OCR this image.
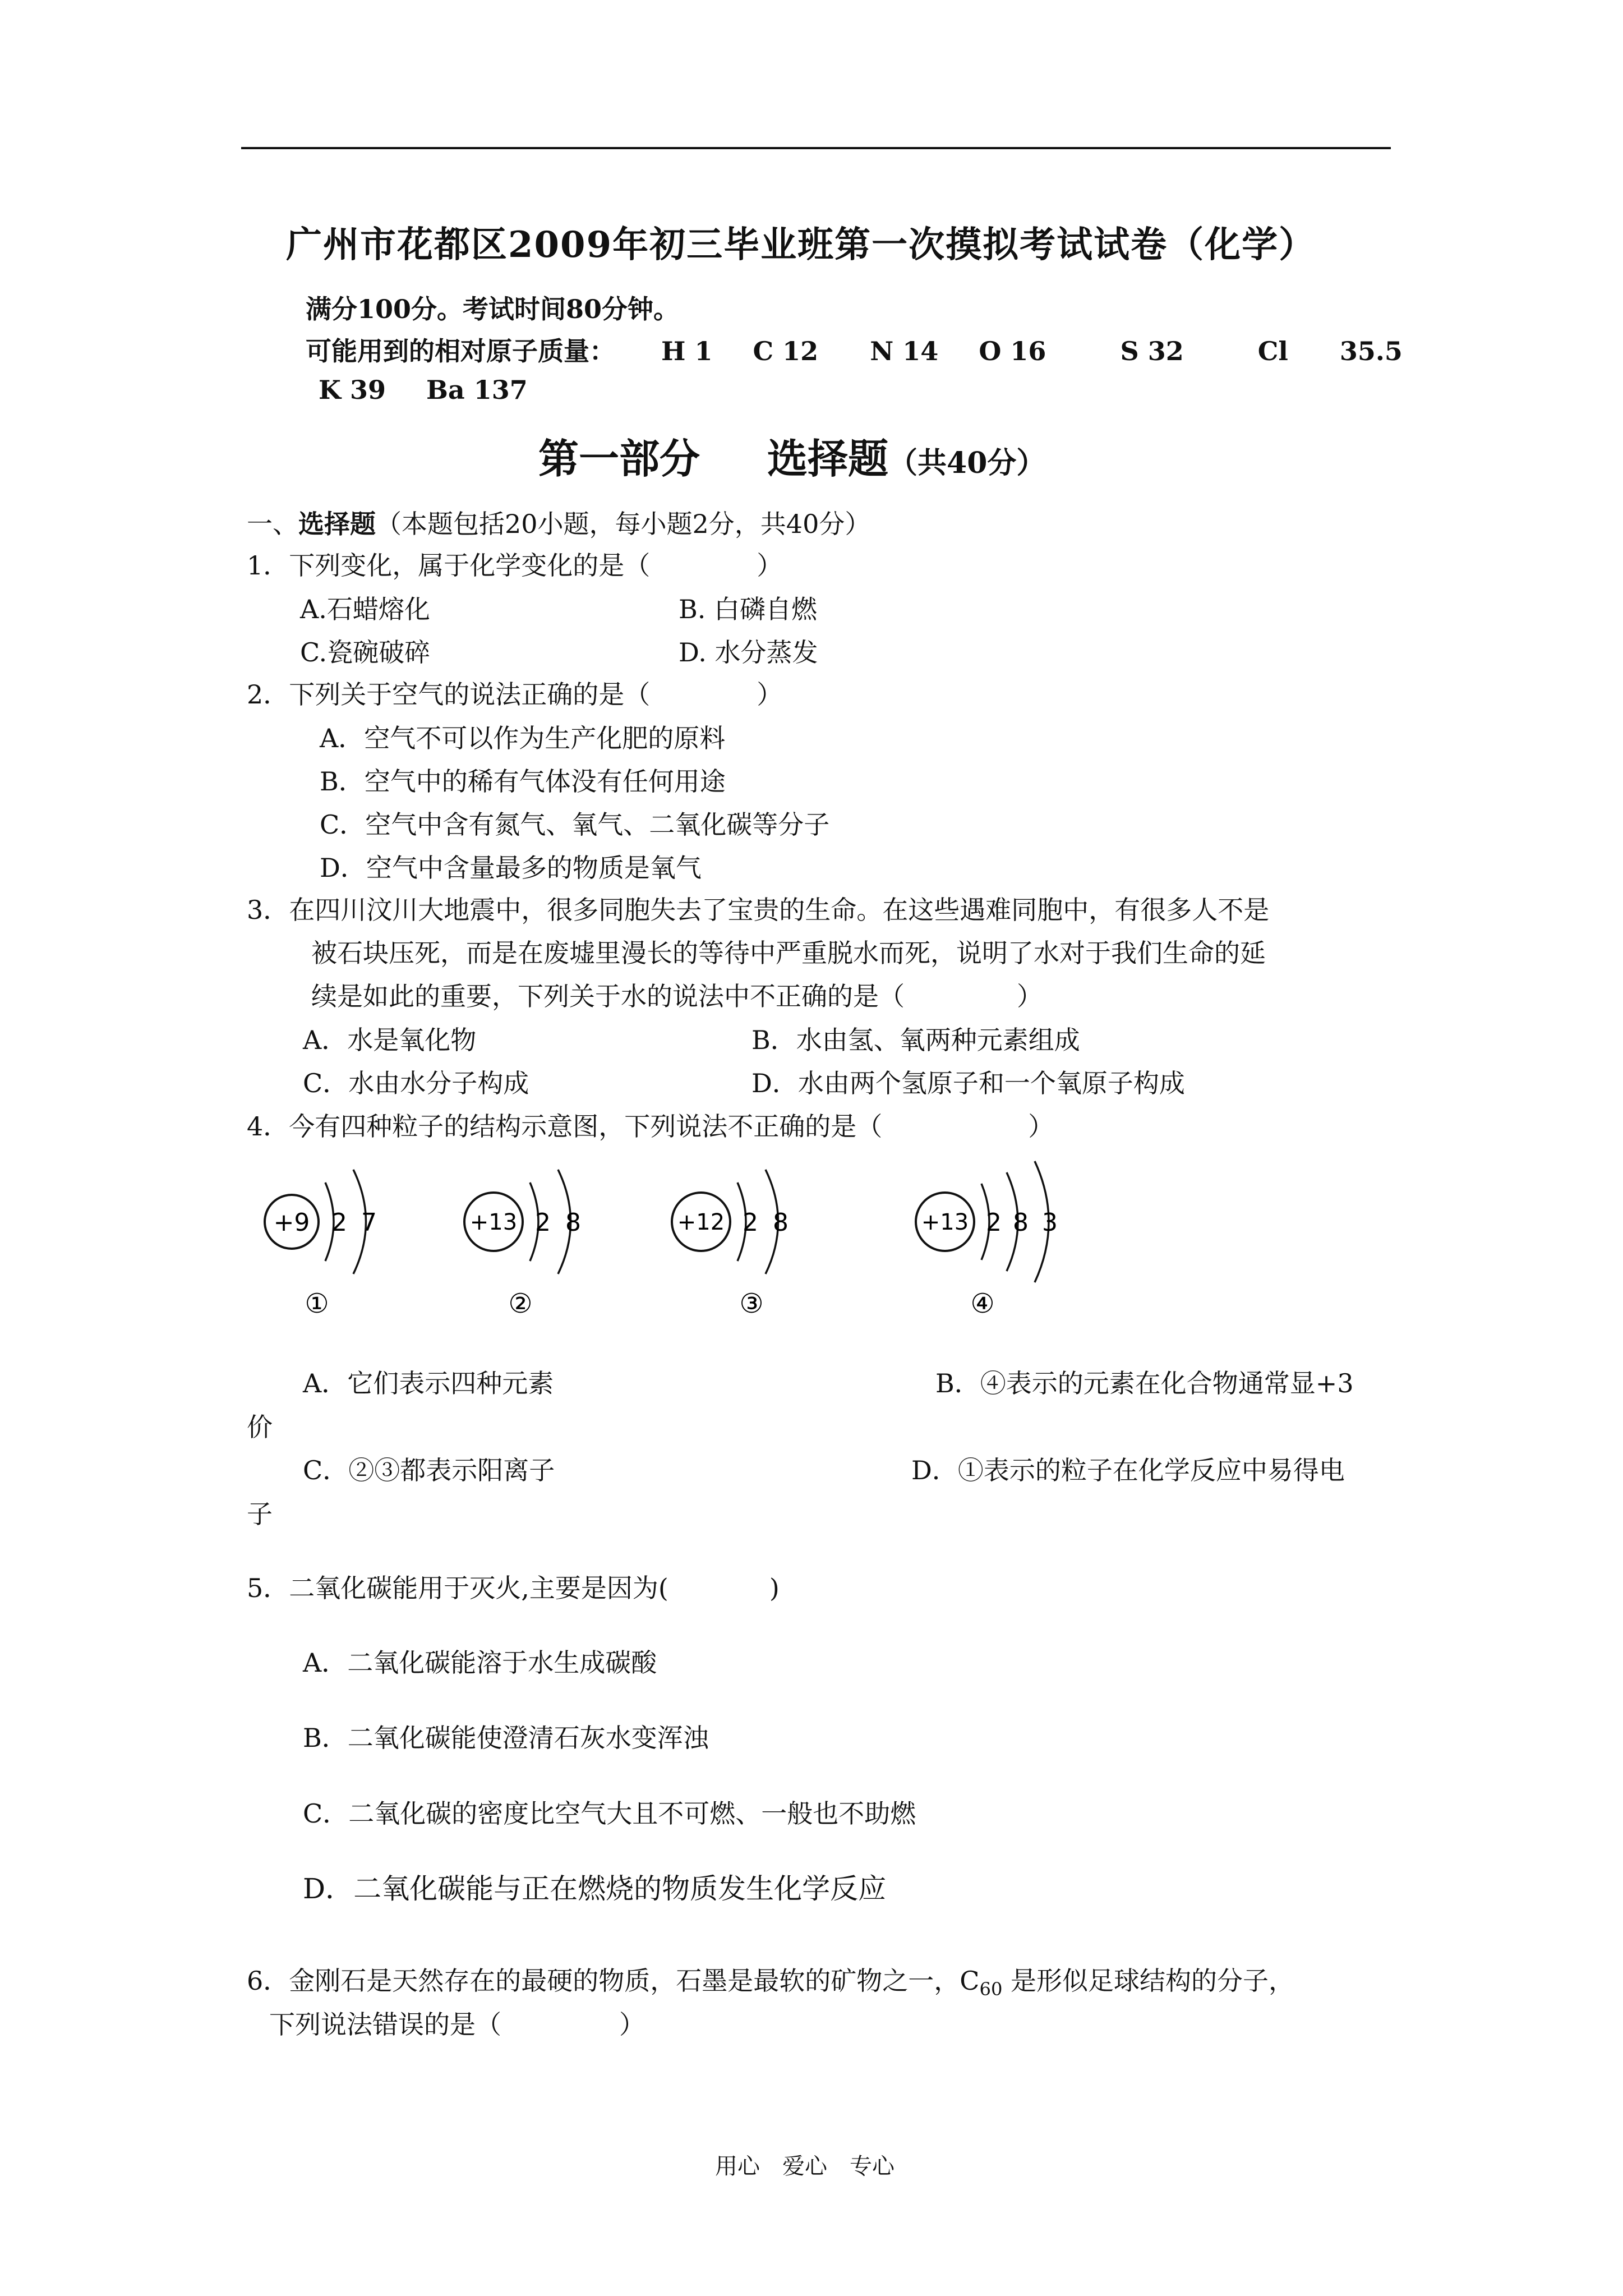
广州市花都区2009年初三毕业班第一次摸拟考试试卷（化学）
满分100分。考试时间80分钟。
可能用到的相对原子质量： H 1 C 12 N 14 O 16	S 32	Cl 35.5
K 39 Ba 137
第一部分 选择题（共40分）
一、选择题（本题包括20小题，每小题2分，共40分）
1．下列变化，属于化学变化的是（	）
A.石蜡熔化	B. 白磷自燃
C.瓷碗破碎	D. 水分蒸发
2．下列关于空气的说法正确的是（	）
A．空气不可以作为生产化肥的原料
B．空气中的稀有气体没有任何用途
C．空气中含有氮气、氧气、二氧化碳等分子
D．空气中含量最多的物质是氧气
3．在四川汶川大地震中，很多同胞失去了宝贵的生命。在这些遇难同胞中，有很多人不是
被石块压死，而是在废墟里漫长的等待中严重脱水而死，说明了水对于我们生命的延
续是如此的重要，下列关于水的说法中不正确的是（	）
A．水是氧化物	B．水由氢、氧两种元素组成
C．水由水分子构成	D．水由两个氢原子和一个氧原子构成
4．今有四种粒子的结构示意图，下列说法不正确的是（	）
+9 2 7
①
+13 2 8
②
+12 2 8
③
+13 2 8 3
④
A．它们表示四种元素	B．④表示的元素在化合物通常显+3
价
C．②③都表示阳离子	D．①表示的粒子在化学反应中易得电
子
5．二氧化碳能用于灭火,主要是因为(	)
A．二氧化碳能溶于水生成碳酸
B．二氧化碳能使澄清石灰水变浑浊
C．二氧化碳的密度比空气大且不可燃、一般也不助燃
D．二氧化碳能与正在燃烧的物质发生化学反应
6．金刚石是天然存在的最硬的物质，石墨是最软的矿物之一，$C_{60}$ 是形似足球结构的分子，
下列说法错误的是（	）
用心　爱心　专心
